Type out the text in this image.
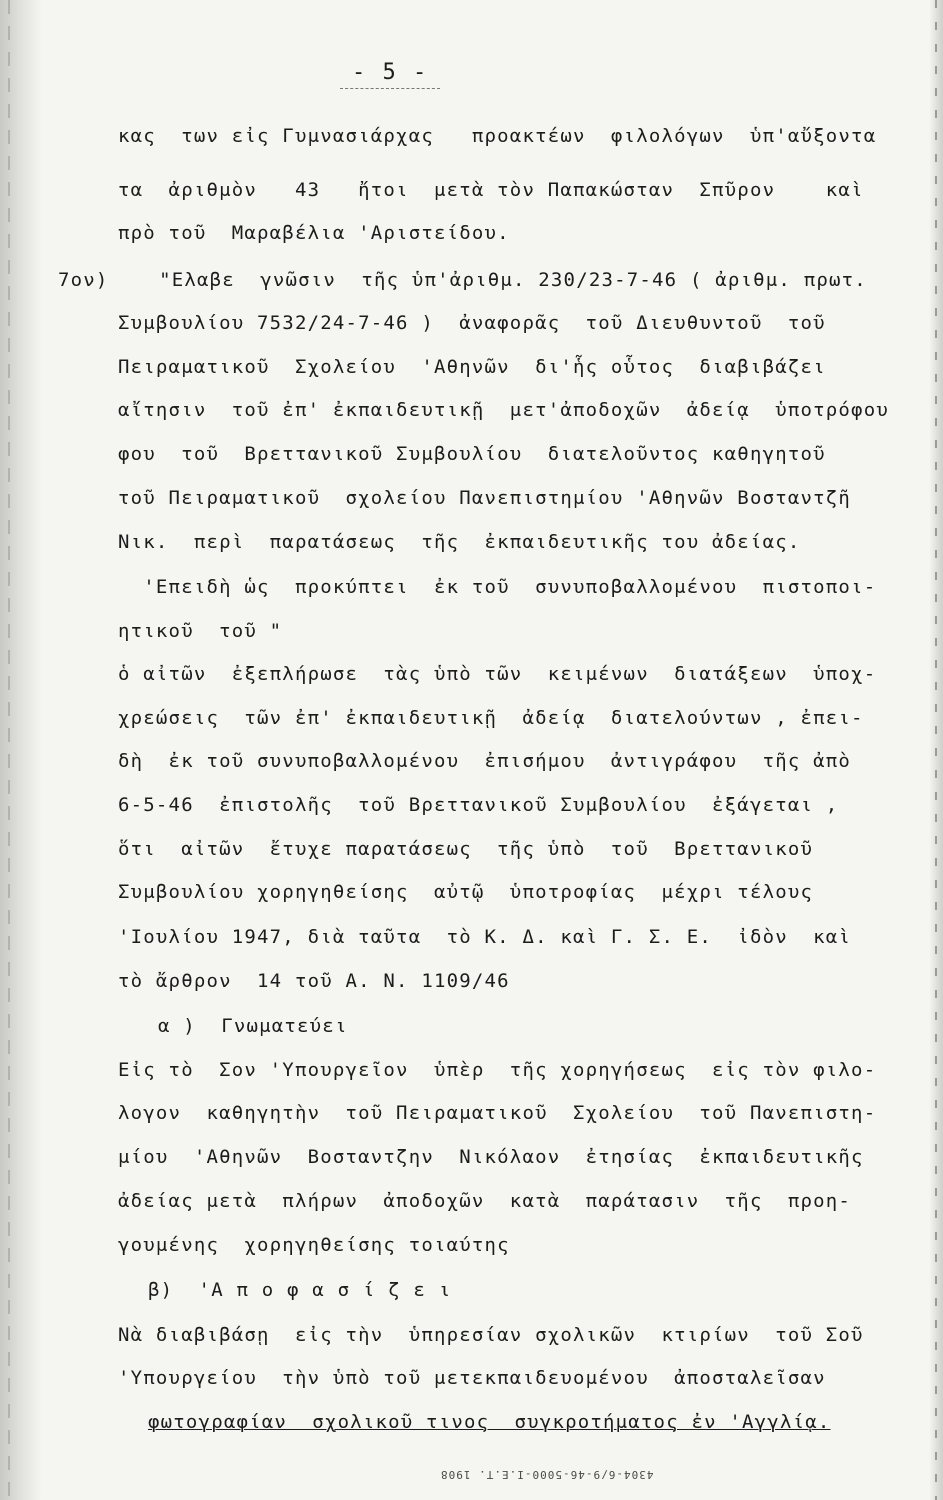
- 5 -
κας  των εἰς Γυμνασιάρχας   προακτέων  φιλολόγων  ὑπ'αὔξοντα
τα  ἀριθμὸν   43   ἤτοι  μετὰ τὸν Παπακώσταν  Σπῦρον    καὶ
πρὸ τοῦ  Μαραβέλια 'Αριστείδου.
7ον)    "Ελαβε  γνῶσιν  τῆς ὑπ'ἀριθμ. 230/23-7-46 ( ἀριθμ. πρωτ.
Συμβουλίου 7532/24-7-46 )  ἀναφορᾶς  τοῦ Διευθυντοῦ  τοῦ
Πειραματικοῦ  Σχολείου  'Αθηνῶν  δι'ἧς οὗτος  διαβιβάζει
αἴτησιν  τοῦ ἐπ' ἐκπαιδευτικῇ  μετ'ἀποδοχῶν  ἀδείᾳ  ὑποτρόφου
φου  τοῦ  Βρεττανικοῦ Συμβουλίου  διατελοῦντος καθηγητοῦ
τοῦ Πειραματικοῦ  σχολείου Πανεπιστημίου 'Αθηνῶν Βοσταντζῆ
Νικ.  περὶ  παρατάσεως  τῆς  ἐκπαιδευτικῆς του ἀδείας.
'Επειδὴ ὡς  προκύπτει  ἐκ τοῦ  συνυποβαλλομένου  πιστοποι-
ητικοῦ  τοῦ "
ὁ αἰτῶν  ἐξεπλήρωσε  τὰς ὑπὸ τῶν  κειμένων  διατάξεων  ὑποχ-
χρεώσεις  τῶν ἐπ' ἐκπαιδευτικῇ  ἀδείᾳ  διατελούντων , ἐπει-
δὴ  ἐκ τοῦ συνυποβαλλομένου  ἐπισήμου  ἀντιγράφου  τῆς ἀπὸ
6-5-46  ἐπιστολῆς  τοῦ Βρεττανικοῦ Συμβουλίου  ἐξάγεται ,
ὅτι  αἰτῶν  ἔτυχε παρατάσεως  τῆς ὑπὸ  τοῦ  Βρεττανικοῦ
Συμβουλίου χορηγηθείσης  αὐτῷ  ὑποτροφίας  μέχρι τέλους
'Ιουλίου 1947, διὰ ταῦτα  τὸ Κ. Δ. καὶ Γ. Σ. Ε.  ἰδὸν  καὶ
τὸ ἄρθρον  14 τοῦ Α. Ν. 1109/46
α )  Γνωματεύει
Εἰς τὸ  Σον 'Υπουργεῖον  ὑπὲρ  τῆς χορηγήσεως  εἰς τὸν φιλο-
λογον  καθηγητὴν  τοῦ Πειραματικοῦ  Σχολείου  τοῦ Πανεπιστη-
μίου  'Αθηνῶν  Βοσταντζην  Νικόλαον  ἐτησίας  ἐκπαιδευτικῆς
ἀδείας μετὰ  πλήρων  ἀποδοχῶν  κατὰ  παράτασιν  τῆς  προη-
γουμένης  χορηγηθείσης τοιαύτης
β)  'Α π ο φ α σ ί ζ ε ι
Νὰ διαβιβάσῃ  εἰς τὴν  ὑπηρεσίαν σχολικῶν  κτιρίων  τοῦ Σοῦ
'Υπουργείου  τὴν ὑπὸ τοῦ μετεκπαιδευομένου  ἀποσταλεῖσαν
φωτογραφίαν  σχολικοῦ τινος  συγκροτήματος ἐν 'Αγγλίᾳ.
4304-6/9-46-5000-Ι.Ε.Τ. 1908
